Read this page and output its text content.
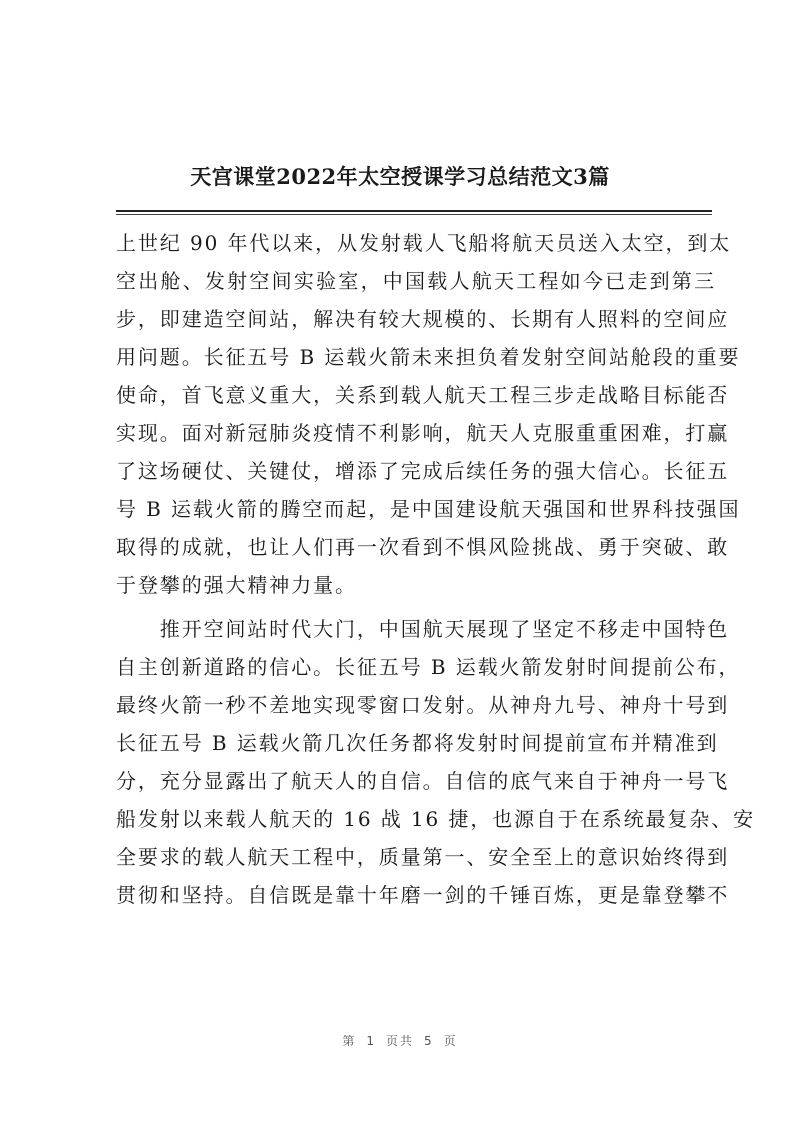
天宫课堂2022年太空授课学习总结范文3篇
上世纪 90 年代以来，从发射载人飞船将航天员送入太空，到太
空出舱、发射空间实验室，中国载人航天工程如今已走到第三
步，即建造空间站，解决有较大规模的、长期有人照料的空间应
用问题。长征五号 B 运载火箭未来担负着发射空间站舱段的重要
使命，首飞意义重大，关系到载人航天工程三步走战略目标能否
实现。面对新冠肺炎疫情不利影响，航天人克服重重困难，打赢
了这场硬仗、关键仗，增添了完成后续任务的强大信心。长征五
号 B 运载火箭的腾空而起，是中国建设航天强国和世界科技强国
取得的成就，也让人们再一次看到不惧风险挑战、勇于突破、敢
于登攀的强大精神力量。
　　推开空间站时代大门，中国航天展现了坚定不移走中国特色
自主创新道路的信心。长征五号 B 运载火箭发射时间提前公布，
最终火箭一秒不差地实现零窗口发射。从神舟九号、神舟十号到
长征五号 B 运载火箭几次任务都将发射时间提前宣布并精准到
分，充分显露出了航天人的自信。自信的底气来自于神舟一号飞
船发射以来载人航天的 16 战 16 捷，也源自于在系统最复杂、安
全要求的载人航天工程中，质量第一、安全至上的意识始终得到
贯彻和坚持。自信既是靠十年磨一剑的千锤百炼，更是靠登攀不
第 1 页共 5 页
